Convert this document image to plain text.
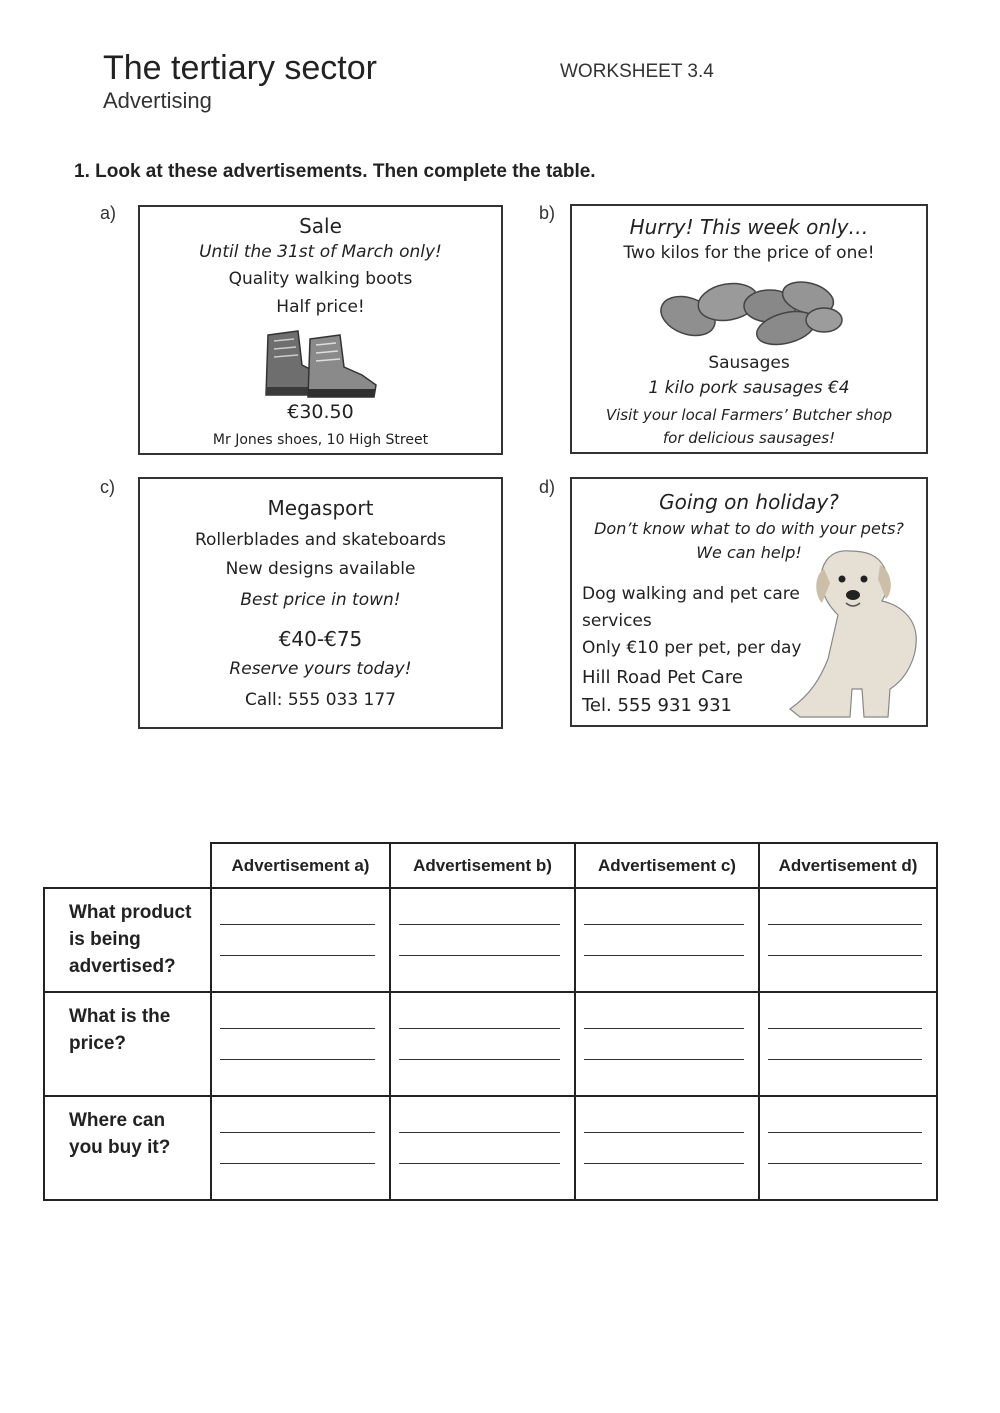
The tertiary sector
Advertising
WORKSHEET 3.4
1. Look at these advertisements. Then complete the table.
a)
Sale
Until the 31st of March only!
Quality walking boots
Half price!
€30.50
Mr Jones shoes, 10 High Street
b)
Hurry! This week only…
Two kilos for the price of one!
Sausages
1 kilo pork sausages €4
Visit your local Farmers’ Butcher shop
for delicious sausages!
c)
Megasport
Rollerblades and skateboards
New designs available
Best price in town!
€40-€75
Reserve yours today!
Call: 555 033 177
d)
Going on holiday?
Don’t know what to do with your pets?
We can help!
Dog walking and pet care
services
Only €10 per pet, per day
Hill Road Pet Care
Tel. 555 931 931
	Advertisement a)	Advertisement b)	Advertisement c)	Advertisement d)

What product
is being
advertised?				

What is the
price?				

Where can
you buy it?				
